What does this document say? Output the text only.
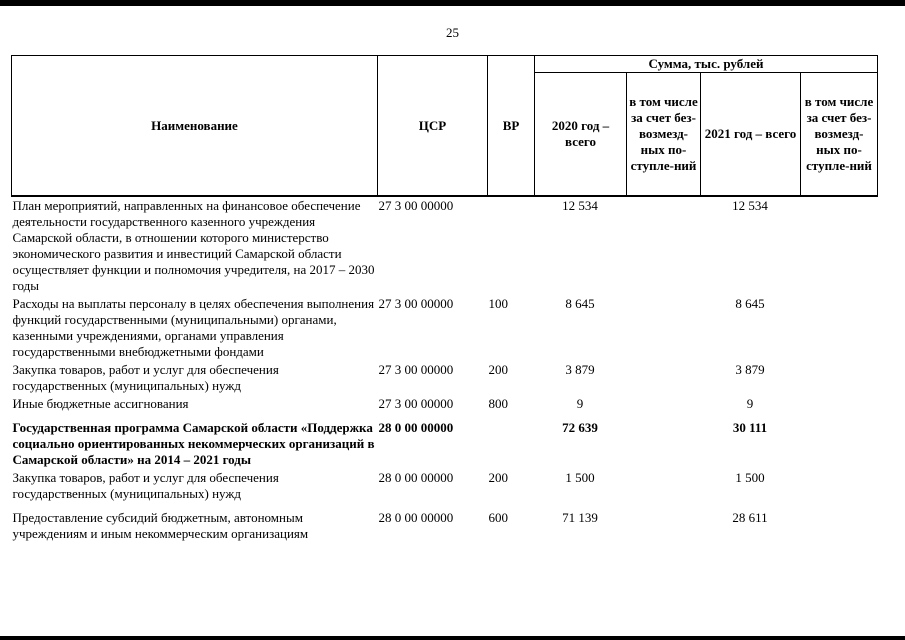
25
Наименование	ЦСР	ВР	Сумма, тыс. рублей			
			2020 год – всего	в том числе за счет без-возмезд-ных по-ступле-ний	2021 год – всего	в том числе за счет без-возмезд-ных по-ступле-ний
План мероприятий, направленных на финансовое обеспечение деятельности государственного казенного учреждения Самарской области, в отношении которого министерство экономического развития и инвестиций Самарской области осуществляет функции и полномочия учредителя, на 2017 – 2030 годы	27 3 00 00000		12 534		12 534	
Расходы на выплаты персоналу в целях обеспечения выполнения функций государственными (муниципальными) органами, казенными учреждениями, органами управления государственными внебюджетными фондами	27 3 00 00000	100	8 645		8 645	
Закупка товаров, работ и услуг для обеспечения государственных (муниципальных) нужд	27 3 00 00000	200	3 879		3 879	
Иные бюджетные ассигнования	27 3 00 00000	800	9		9	
Государственная программа Самарской области «Поддержка социально ориентированных некоммерческих организаций в Самарской области» на 2014 – 2021 годы	28 0 00 00000		72 639		30 111	
Закупка товаров, работ и услуг для обеспечения государственных (муниципальных) нужд	28 0 00 00000	200	1 500		1 500	
Предоставление субсидий бюджетным, автономным учреждениям и иным некоммерческим организациям	28 0 00 00000	600	71 139		28 611	
